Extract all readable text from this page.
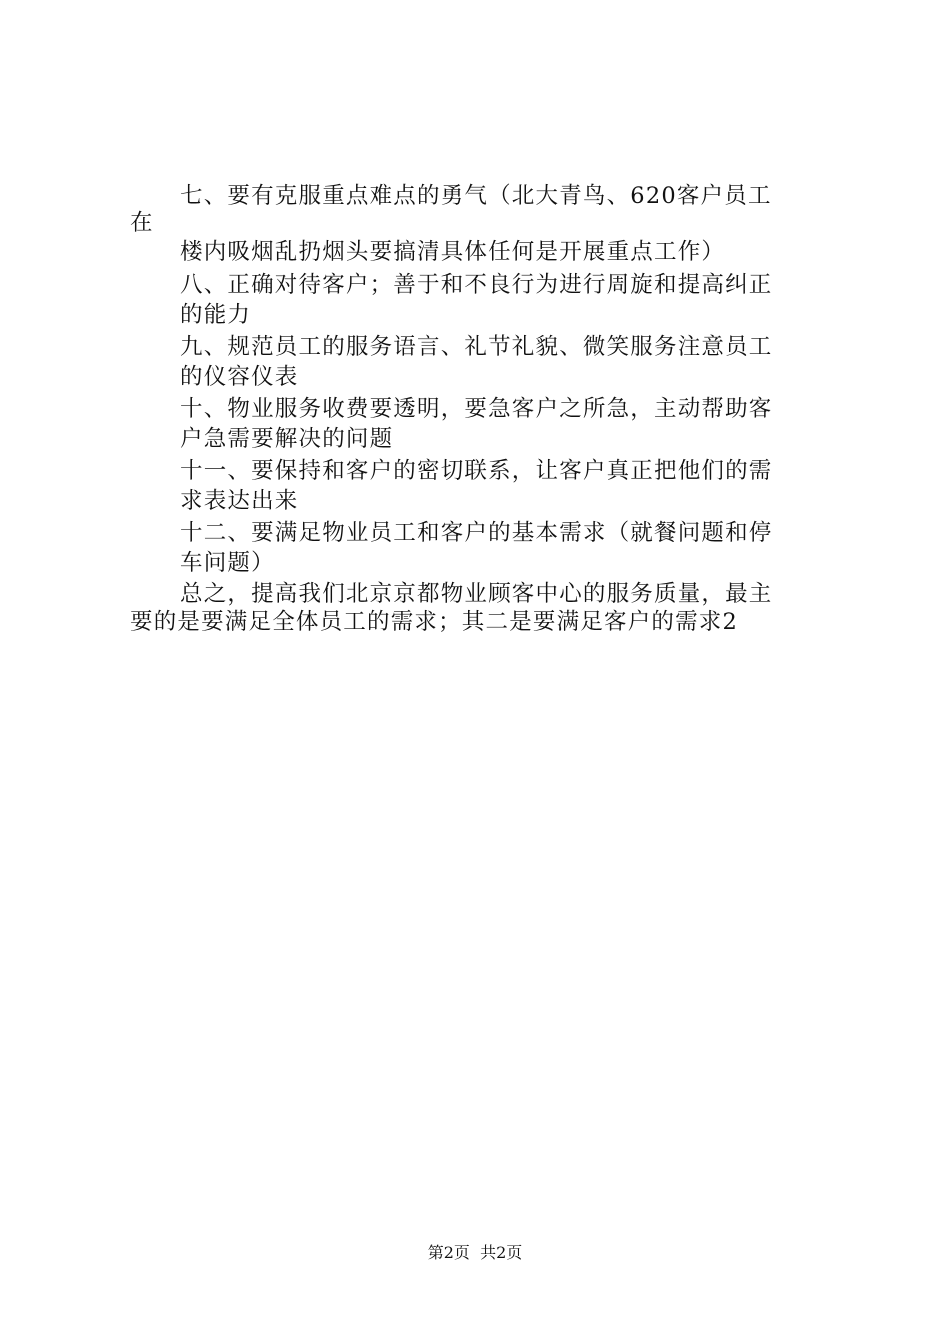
七、要有克服重点难点的勇气（北大青鸟、620客户员工
在
楼内吸烟乱扔烟头要搞清具体任何是开展重点工作）
八、正确对待客户；善于和不良行为进行周旋和提高纠正
的能力
九、规范员工的服务语言、礼节礼貌、微笑服务注意员工
的仪容仪表
十、物业服务收费要透明，要急客户之所急，主动帮助客
户急需要解决的问题
十一、要保持和客户的密切联系，让客户真正把他们的需
求表达出来
十二、要满足物业员工和客户的基本需求（就餐问题和停
车问题）
总之，提高我们北京京都物业顾客中心的服务质量，最主
要的是要满足全体员工的需求；其二是要满足客户的需求2
第2页  共2页
